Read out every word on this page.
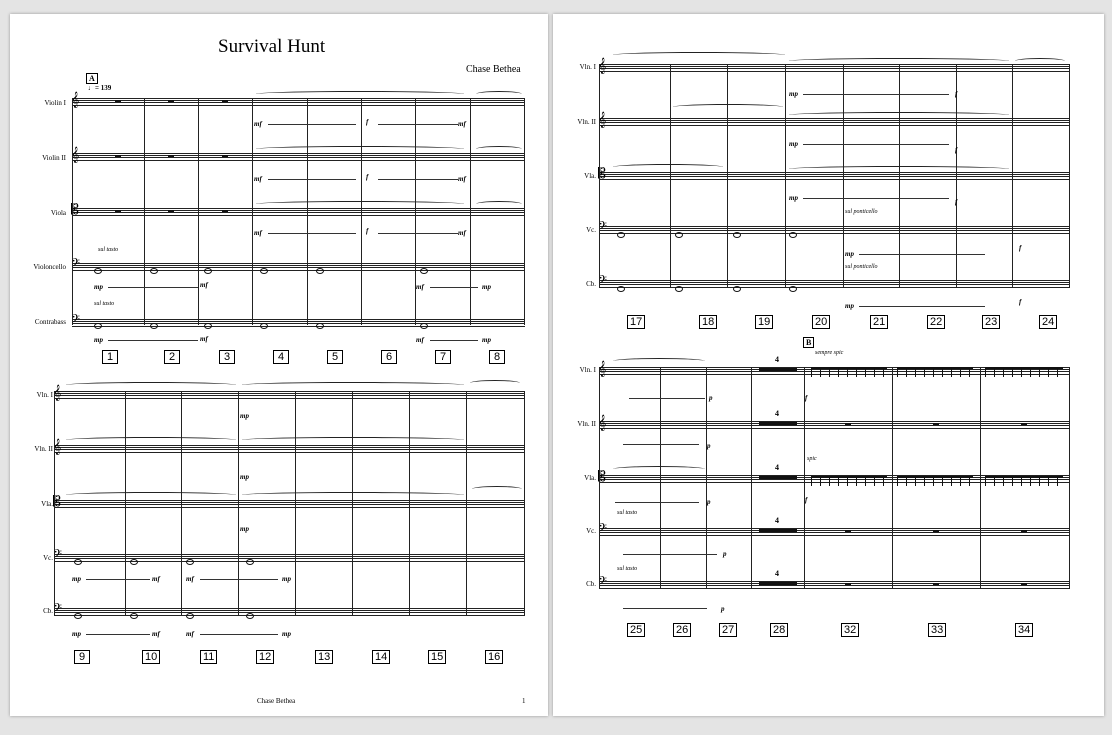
Survival Hunt
Chase Bethea
A
♩= 139
Violin I
Violin II
Viola
Violoncello
Contrabass
𝄞
𝄞
𝄡
𝄢
𝄢
mf	f	mf
mf	f	mf
mf	f	mf
sul tasto
mp	mf	mf	mp
sul tasto
mp	mf	mf	mp
1	2	3	4	5	6	7	8
Vln. I
Vln. II
Vla.
Vc.
Cb.
𝄞
𝄞
𝄡
𝄢
𝄢
mp
mp
mp
mp	mf	mf	mp
mp	mf	mf	mp
9	10	11	12	13	14	15	16
Chase Bethea	1
Vln. I
Vln. II
Vla.
Vc.
Cb.
𝄞
𝄞
𝄡
𝄢
𝄢
mp	f
mp
f
mp	f
sul ponticello
mp
f
sul ponticello
mp	f
17	18	19	20	21	22	23	24
B
sempre spic
Vln. I
Vln. II
Vla.
Vc.
Cb.
𝄞
𝄞
𝄡
𝄢
𝄢
4
4
4
4
4
p	f
p
spic
p	f
sul tasto
p
sul tasto
p
25	26	27	28	32	33	34
